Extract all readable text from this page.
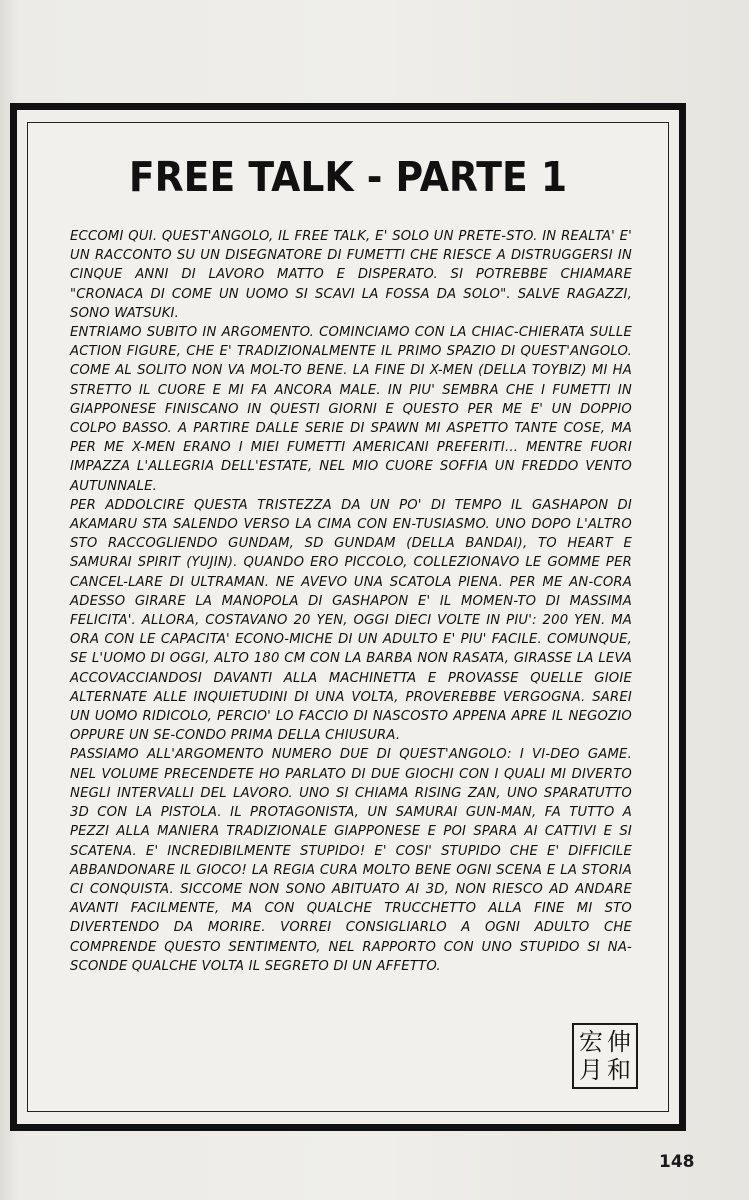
FREE TALK - PARTE 1

ECCOMI QUI. QUEST'ANGOLO, IL FREE TALK, E' SOLO UN PRETE-STO. IN REALTA' E' UN RACCONTO SU UN DISEGNATORE DI FUMETTI CHE RIESCE A DISTRUGGERSI IN CINQUE ANNI DI LAVORO MATTO E DISPERATO. SI POTREBBE CHIAMARE "CRONACA DI COME UN UOMO SI SCAVI LA FOSSA DA SOLO". SALVE RAGAZZI, SONO WATSUKI.

ENTRIAMO SUBITO IN ARGOMENTO. COMINCIAMO CON LA CHIAC-CHIERATA SULLE ACTION FIGURE, CHE E' TRADIZIONALMENTE IL PRIMO SPAZIO DI QUEST'ANGOLO. COME AL SOLITO NON VA MOL-TO BENE. LA FINE DI X-MEN (DELLA TOYBIZ) MI HA STRETTO IL CUORE E MI FA ANCORA MALE. IN PIU' SEMBRA CHE I FUMETTI IN GIAPPONESE FINISCANO IN QUESTI GIORNI E QUESTO PER ME E' UN DOPPIO COLPO BASSO. A PARTIRE DALLE SERIE DI SPAWN MI ASPETTO TANTE COSE, MA PER ME X-MEN ERANO I MIEI FUMETTI AMERICANI PREFERITI... MENTRE FUORI IMPAZZA L'ALLEGRIA DELL'ESTATE, NEL MIO CUORE SOFFIA UN FREDDO VENTO AUTUNNALE.

PER ADDOLCIRE QUESTA TRISTEZZA DA UN PO' DI TEMPO IL GASHAPON DI AKAMARU STA SALENDO VERSO LA CIMA CON EN-TUSIASMO. UNO DOPO L'ALTRO STO RACCOGLIENDO GUNDAM, SD GUNDAM (DELLA BANDAI), TO HEART E SAMURAI SPIRIT (YUJIN). QUANDO ERO PICCOLO, COLLEZIONAVO LE GOMME PER CANCEL-LARE DI ULTRAMAN. NE AVEVO UNA SCATOLA PIENA. PER ME AN-CORA ADESSO GIRARE LA MANOPOLA DI GASHAPON E' IL MOMEN-TO DI MASSIMA FELICITA'. ALLORA, COSTAVANO 20 YEN, OGGI DIECI VOLTE IN PIU': 200 YEN. MA ORA CON LE CAPACITA' ECONO-MICHE DI UN ADULTO E' PIU' FACILE. COMUNQUE, SE L'UOMO DI OGGI, ALTO 180 CM CON LA BARBA NON RASATA, GIRASSE LA LEVA ACCOVACCIANDOSI DAVANTI ALLA MACHINETTA E PROVASSE QUELLE GIOIE ALTERNATE ALLE INQUIETUDINI DI UNA VOLTA, PROVEREBBE VERGOGNA. SAREI UN UOMO RIDICOLO, PERCIO' LO FACCIO DI NASCOSTO APPENA APRE IL NEGOZIO OPPURE UN SE-CONDO PRIMA DELLA CHIUSURA.

PASSIAMO ALL'ARGOMENTO NUMERO DUE DI QUEST'ANGOLO: I VI-DEO GAME. NEL VOLUME PRECENDETE HO PARLATO DI DUE GIOCHI CON I QUALI MI DIVERTO NEGLI INTERVALLI DEL LAVORO. UNO SI CHIAMA RISING ZAN, UNO SPARATUTTO 3D CON LA PISTOLA. IL PROTAGONISTA, UN SAMURAI GUN-MAN, FA TUTTO A PEZZI ALLA MANIERA TRADIZIONALE GIAPPONESE E POI SPARA AI CATTIVI E SI SCATENA. E' INCREDIBILMENTE STUPIDO! E' COSI' STUPIDO CHE E' DIFFICILE ABBANDONARE IL GIOCO! LA REGIA CURA MOLTO BENE OGNI SCENA E LA STORIA CI CONQUISTA. SICCOME NON SONO ABITUATO AI 3D, NON RIESCO AD ANDARE AVANTI FACILMENTE, MA CON QUALCHE TRUCCHETTO ALLA FINE MI STO DIVERTENDO DA MORIRE. VORREI CONSIGLIARLO A OGNI ADULTO CHE COMPRENDE QUESTO SENTIMENTO, NEL RAPPORTO CON UNO STUPIDO SI NA-SCONDE QUALCHE VOLTA IL SEGRETO DI UN AFFETTO.

伸
宏
和
月

148
